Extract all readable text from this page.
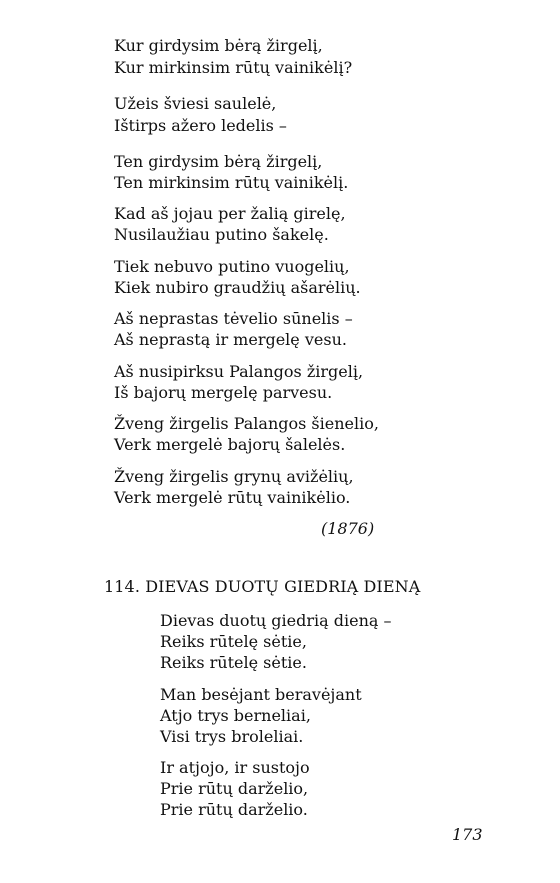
Kur girdysim bėrą žirgelį,
Kur mirkinsim rūtų vainikėlį?
Užeis šviesi saulelė,
Ištirps ažero ledelis –
Ten girdysim bėrą žirgelį,
Ten mirkinsim rūtų vainikėlį.
Kad aš jojau per žalią girelę,
Nusilaužiau putino šakelę.
Tiek nebuvo putino vuogelių,
Kiek nubiro graudžių ašarėlių.
Aš neprastas tėvelio sūnelis –
Aš neprastą ir mergelę vesu.
Aš nusipirksu Palangos žirgelį,
Iš bajorų mergelę parvesu.
Žveng žirgelis Palangos šienelio,
Verk mergelė bajorų šalelės.
Žveng žirgelis grynų avižėlių,
Verk mergelė rūtų vainikėlio.
(1876)
114. DIEVAS DUOTŲ GIEDRIĄ DIENĄ
Dievas duotų giedrią dieną –
Reiks rūtelę sėtie,
Reiks rūtelę sėtie.
Man besėjant beravėjant
Atjo trys berneliai,
Visi trys broleliai.
Ir atjojo, ir sustojo
Prie rūtų darželio,
Prie rūtų darželio.
173
